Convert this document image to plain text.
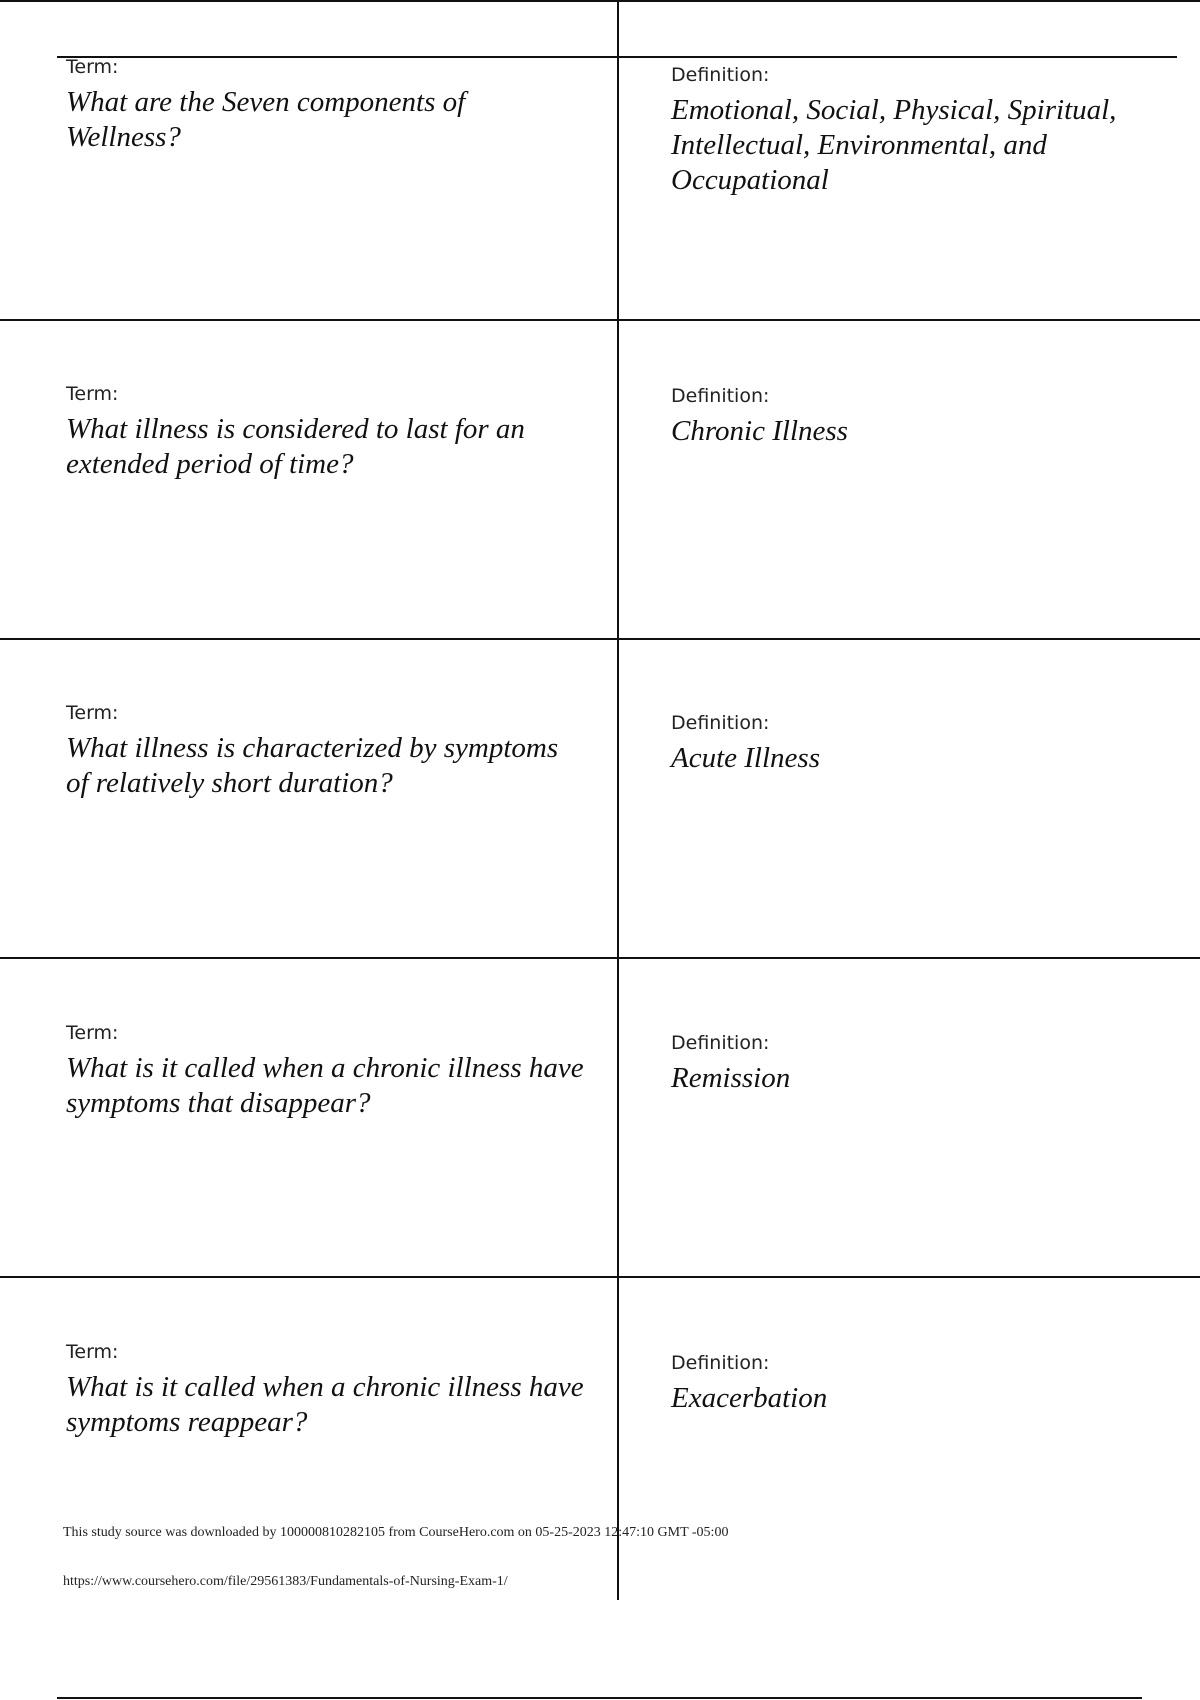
Term:
What are the Seven components of Wellness?
Definition:
Emotional, Social, Physical, Spiritual, Intellectual, Environmental, and Occupational
Term:
What illness is considered to last for an extended period of time?
Definition:
Chronic Illness
Term:
What illness is characterized by symptoms of relatively short duration?
Definition:
Acute Illness
Term:
What is it called when a chronic illness have symptoms that disappear?
Definition:
Remission
Term:
What is it called when a chronic illness have symptoms reappear?
Definition:
Exacerbation
This study source was downloaded by 100000810282105 from CourseHero.com on 05-25-2023 12:47:10 GMT -05:00
https://www.coursehero.com/file/29561383/Fundamentals-of-Nursing-Exam-1/
